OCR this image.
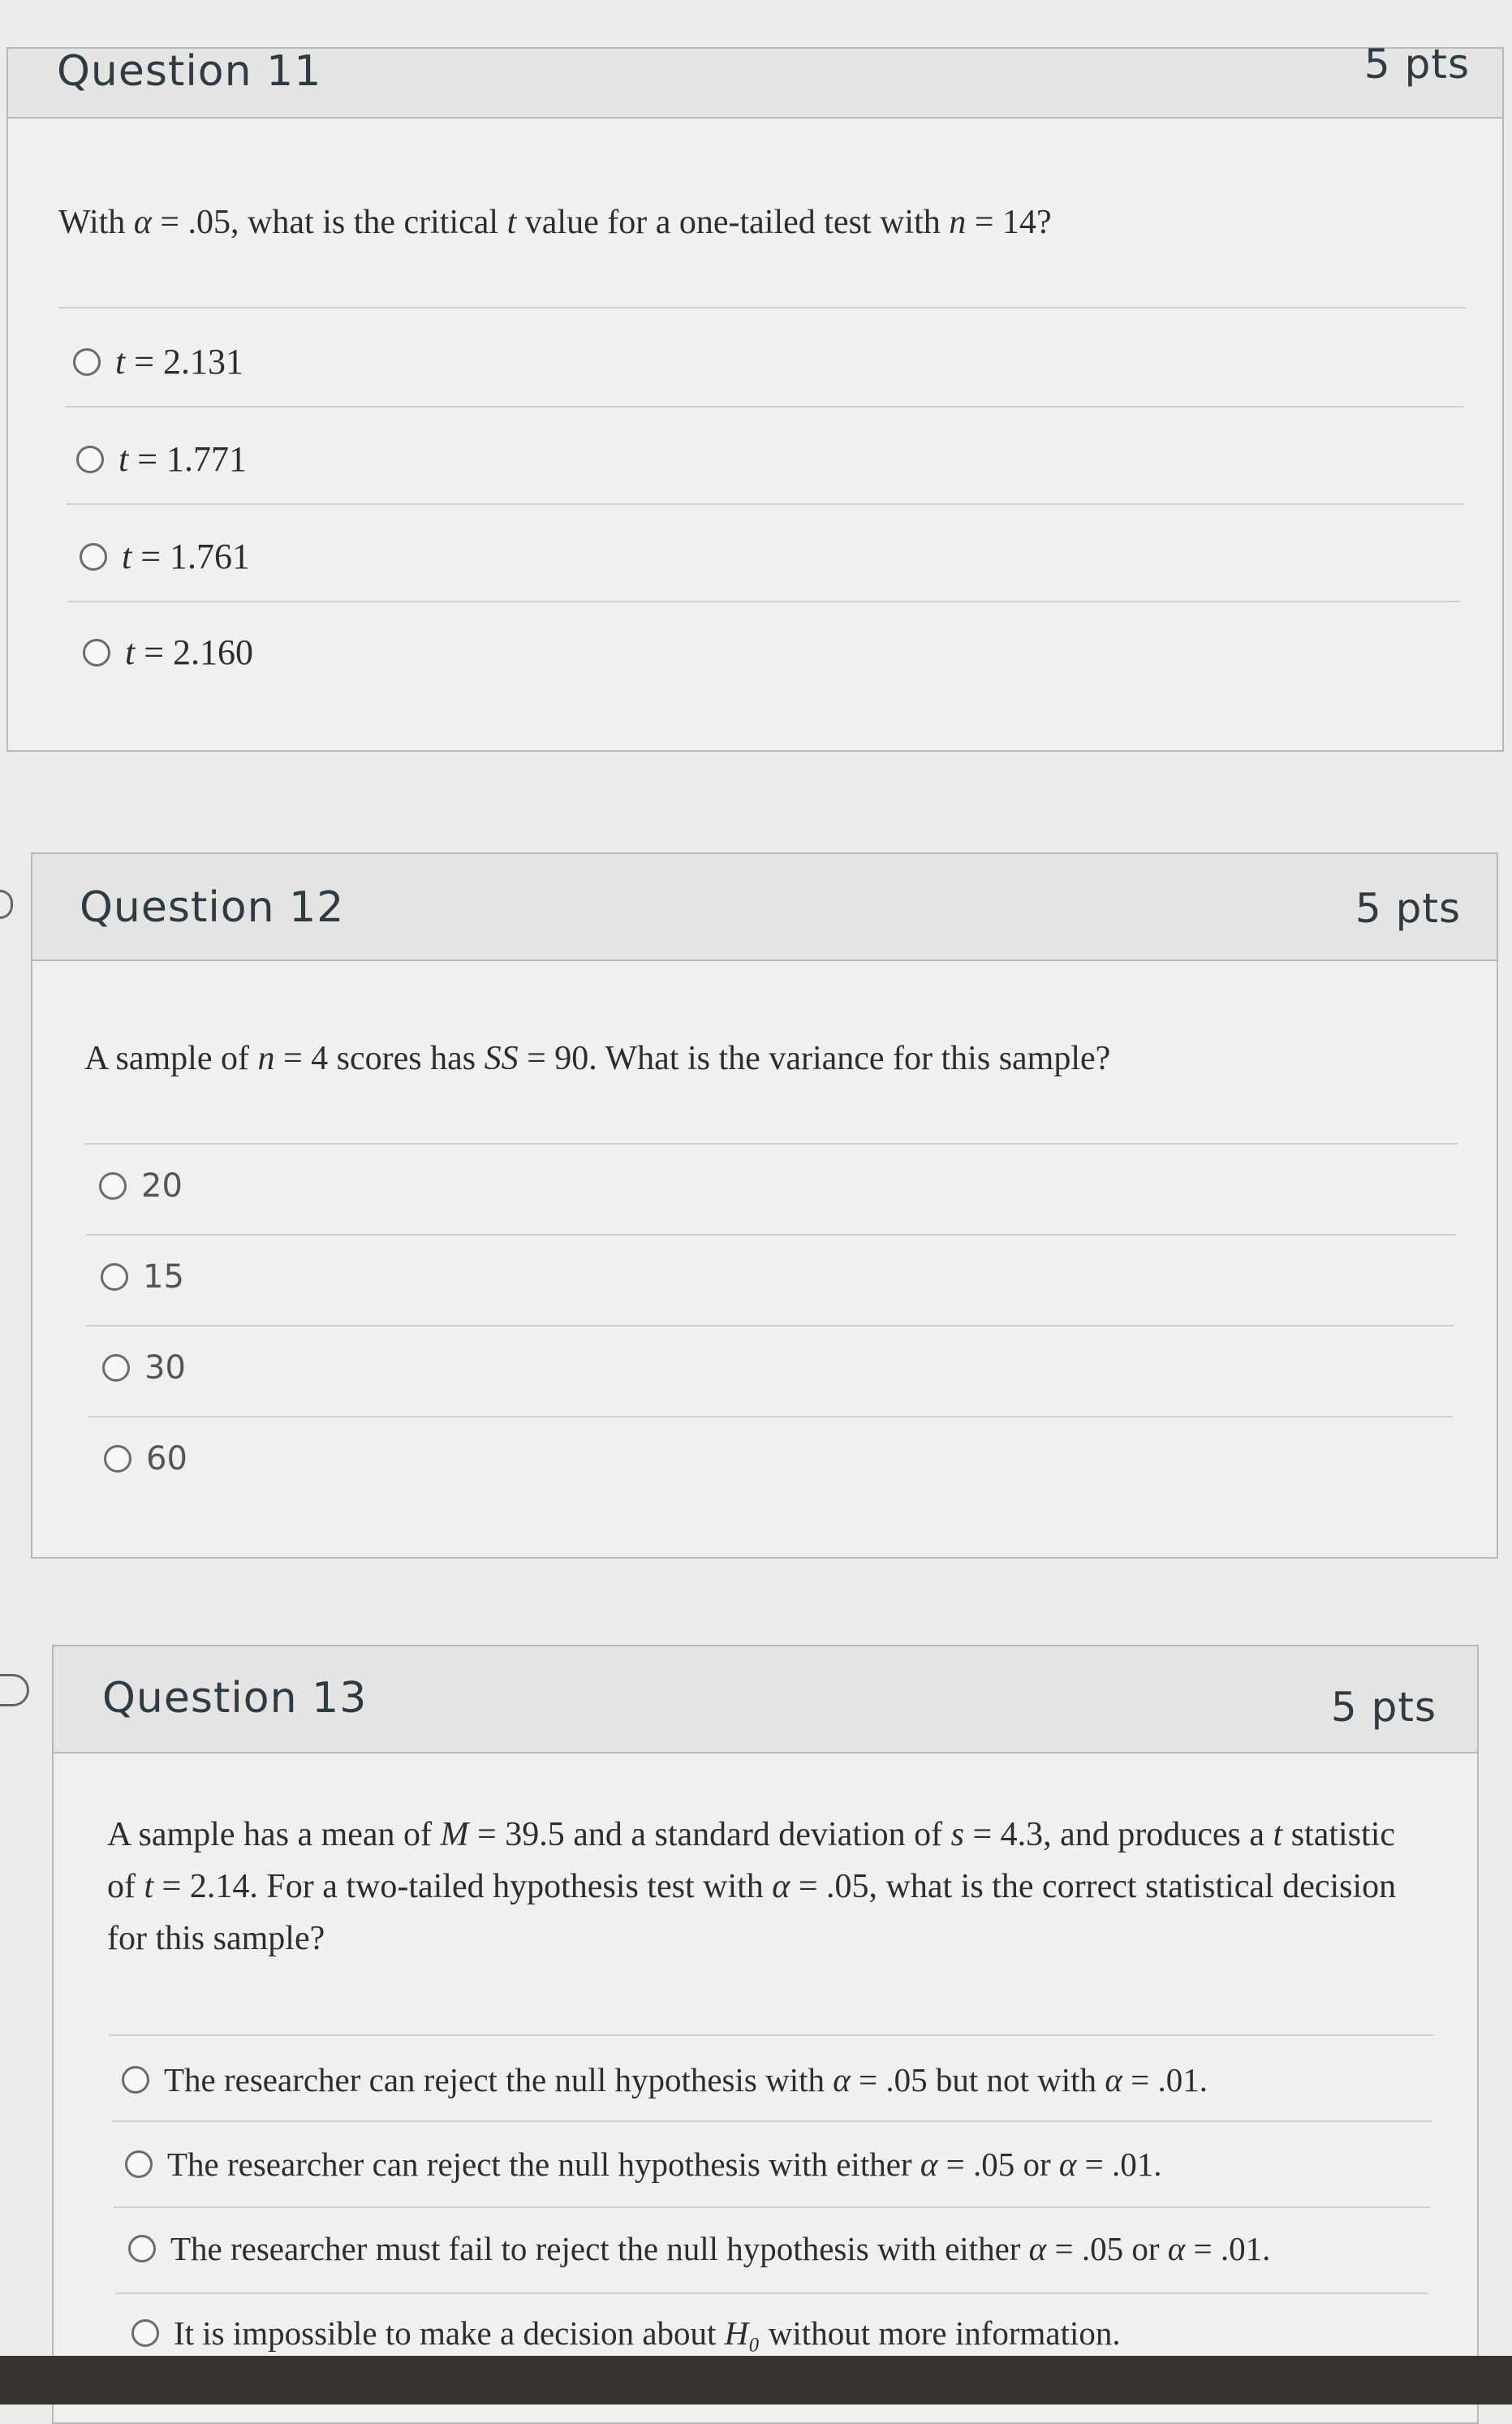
Question 11	5 pts
With α = .05, what is the critical t value for a one-tailed test with n = 14?
t = 2.131
t = 1.771
t = 1.761
t = 2.160
Question 12	5 pts
A sample of n = 4 scores has SS = 90. What is the variance for this sample?
20
15
30
60
Question 13	5 pts
A sample has a mean of M = 39.5 and a standard deviation of s = 4.3, and produces a t statistic of t = 2.14. For a two-tailed hypothesis test with α = .05, what is the correct statistical decision for this sample?
The researcher can reject the null hypothesis with α = .05 but not with α = .01.
The researcher can reject the null hypothesis with either α = .05 or α = .01.
The researcher must fail to reject the null hypothesis with either α = .05 or α = .01.
It is impossible to make a decision about H₀ without more information.
